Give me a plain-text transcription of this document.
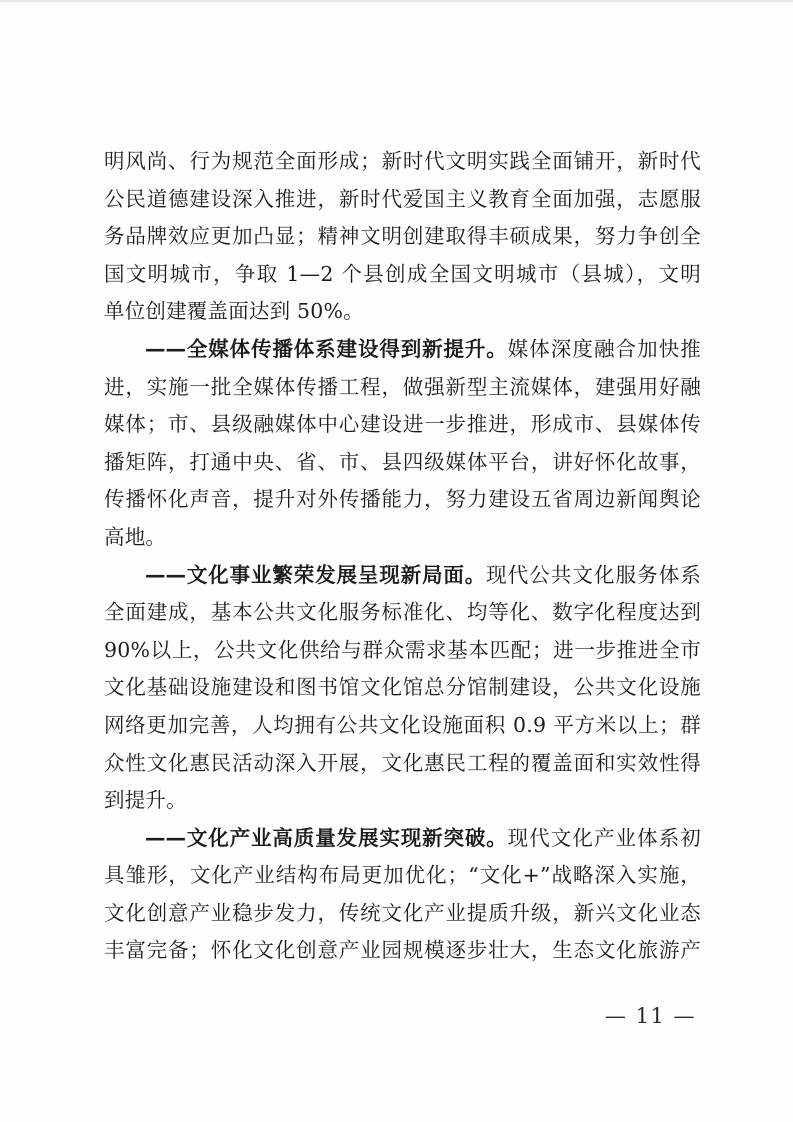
明风尚、行为规范全面形成；新时代文明实践全面铺开，新时代

公民道德建设深入推进，新时代爱国主义教育全面加强，志愿服

务品牌效应更加凸显；精神文明创建取得丰硕成果，努力争创全

国文明城市，争取 1—2 个县创成全国文明城市（县城），文明

单位创建覆盖面达到 50%。

——全媒体传播体系建设得到新提升。媒体深度融合加快推

进，实施一批全媒体传播工程，做强新型主流媒体，建强用好融

媒体；市、县级融媒体中心建设进一步推进，形成市、县媒体传

播矩阵，打通中央、省、市、县四级媒体平台，讲好怀化故事，

传播怀化声音，提升对外传播能力，努力建设五省周边新闻舆论

高地。

——文化事业繁荣发展呈现新局面。现代公共文化服务体系

全面建成，基本公共文化服务标准化、均等化、数字化程度达到

90%以上，公共文化供给与群众需求基本匹配；进一步推进全市

文化基础设施建设和图书馆文化馆总分馆制建设，公共文化设施

网络更加完善，人均拥有公共文化设施面积 0.9 平方米以上；群

众性文化惠民活动深入开展，文化惠民工程的覆盖面和实效性得

到提升。

——文化产业高质量发展实现新突破。现代文化产业体系初

具雏形，文化产业结构布局更加优化；“文化+”战略深入实施，

文化创意产业稳步发力，传统文化产业提质升级，新兴文化业态

丰富完备；怀化文化创意产业园规模逐步壮大，生态文化旅游产

— 11 —
